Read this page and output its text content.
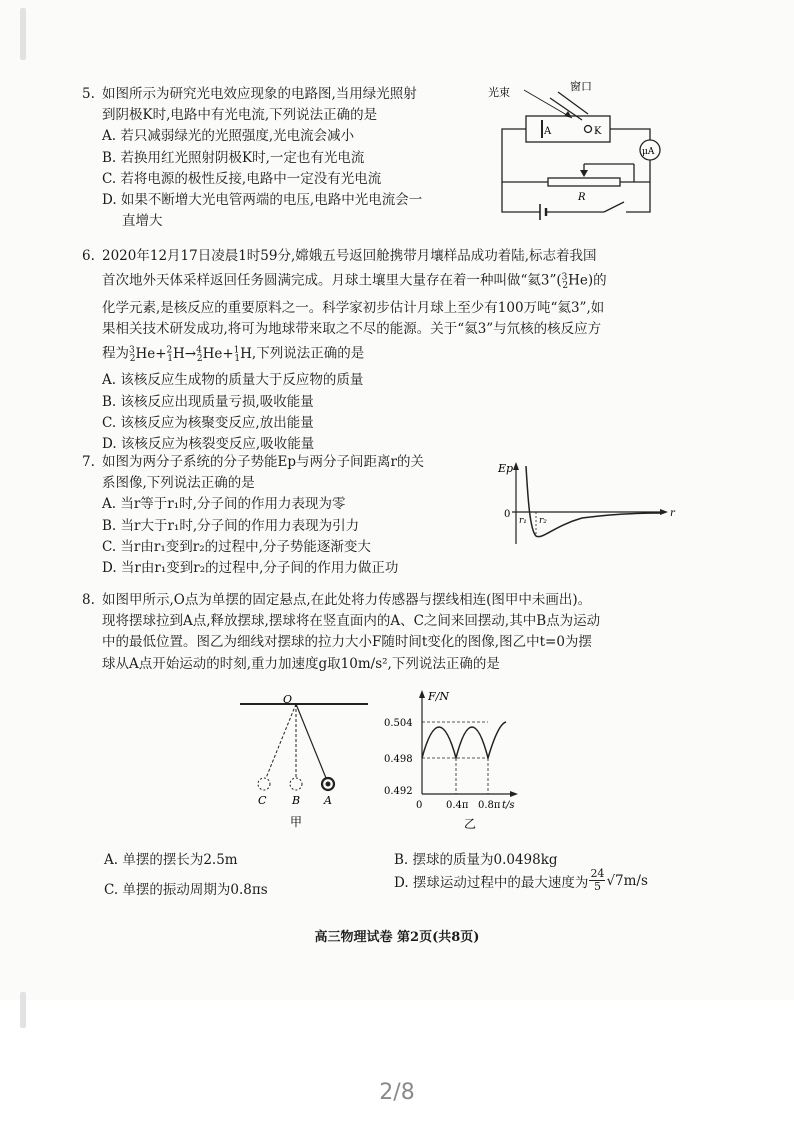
5. 如图所示为研究光电效应现象的电路图,当用绿光照射

到阴极K时,电路中有光电流,下列说法正确的是

A. 若只减弱绿光的光照强度,光电流会减小

B. 若换用红光照射阴极K时,一定也有光电流

C. 若将电源的极性反接,电路中一定没有光电流

D. 如果不断增大光电管两端的电压,电路中光电流会一

直增大

光束	窗口
A	K
μA
R

6. 2020年12月17日凌晨1时59分,嫦娥五号返回舱携带月壤样品成功着陆,标志着我国

首次地外天体采样返回任务圆满完成。月球土壤里大量存在着一种叫做“氦3”($^3_2$He)的

化学元素,是核反应的重要原料之一。科学家初步估计月球上至少有100万吨“氦3”,如

果相关技术研发成功,将可为地球带来取之不尽的能源。关于“氦3”与氘核的核反应方

程为$^3_2$He+$^2_1$H→$^4_2$He+$^1_1$H,下列说法正确的是

A. 该核反应生成物的质量大于反应物的质量

B. 该核反应出现质量亏损,吸收能量

C. 该核反应为核聚变反应,放出能量

D. 该核反应为核裂变反应,吸收能量

7. 如图为两分子系统的分子势能Ep与两分子间距离r的关

系图像,下列说法正确的是

A. 当r等于r₁时,分子间的作用力表现为零

B. 当r大于r₁时,分子间的作用力表现为引力

C. 当r由r₁变到r₂的过程中,分子势能逐渐变大

D. 当r由r₁变到r₂的过程中,分子间的作用力做正功

Ep
0
r₁ r₂
r

8. 如图甲所示,O点为单摆的固定悬点,在此处将力传感器与摆线相连(图甲中未画出)。

现将摆球拉到A点,释放摆球,摆球将在竖直面内的A、C之间来回摆动,其中B点为运动

中的最低位置。图乙为细线对摆球的拉力大小F随时间t变化的图像,图乙中t=0为摆

球从A点开始运动的时刻,重力加速度g取10m/s²,下列说法正确的是

O
C B A
甲
F/N
0.504
0.498
0.492
0 0.4π 0.8π t/s
乙
A. 单摆的摆长为2.5m	B. 摆球的质量为0.0498kg
C. 单摆的振动周期为0.8πs	D. 摆球运动过程中的最大速度为 $\frac{24}{5} √7m/s$
高三物理试卷 第2页(共8页)
2/8
